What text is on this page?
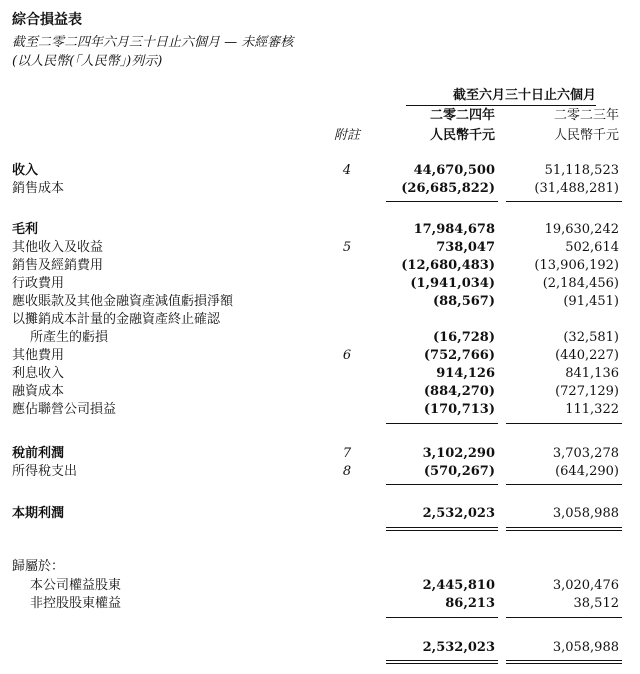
綜合損益表
截至二零二四年六月三十日止六個月 — 未經審核
(以人民幣(「人民幣」)列示)
截至六月三十日止六個月
二零二四年	二零二三年
人民幣千元	人民幣千元
附註
收入	4	44,670,500	51,118,523
銷售成本	(26,685,822)	(31,488,281)
毛利	17,984,678	19,630,242
其他收入及收益	5	738,047	502,614
銷售及經銷費用	(12,680,483)	(13,906,192)
行政費用	(1,941,034)	(2,184,456)
應收賬款及其他金融資產減值虧損淨額	(88,567)	(91,451)
以攤銷成本計量的金融資產終止確認
所產生的虧損	(16,728)	(32,581)
其他費用	6	(752,766)	(440,227)
利息收入	914,126	841,136
融資成本	(884,270)	(727,129)
應佔聯營公司損益	(170,713)	111,322
稅前利潤	7	3,102,290	3,703,278
所得稅支出	8	(570,267)	(644,290)
本期利潤	2,532,023	3,058,988
歸屬於：
本公司權益股東	2,445,810	3,020,476
非控股股東權益	86,213	38,512
2,532,023	3,058,988
